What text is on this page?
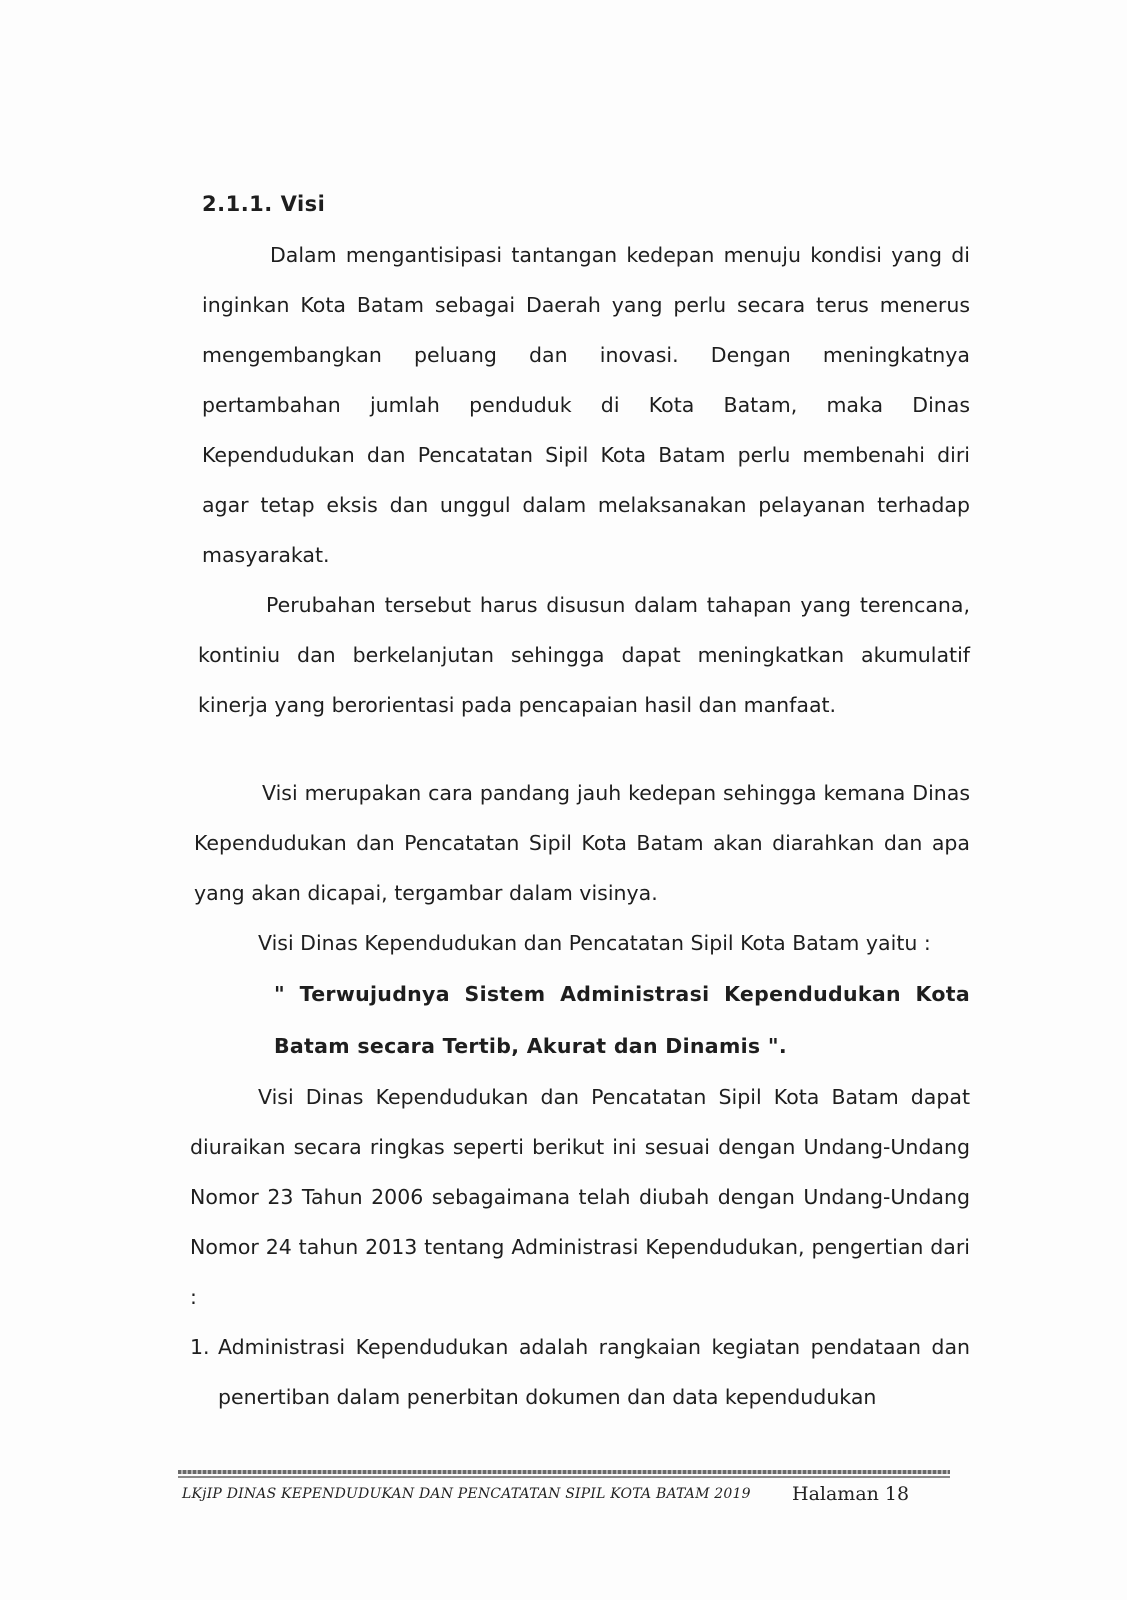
2.1.1. Visi

Dalam mengantisipasi tantangan kedepan menuju kondisi yang di inginkan Kota Batam sebagai Daerah yang perlu secara terus menerus mengembangkan peluang dan inovasi. Dengan meningkatnya pertambahan jumlah penduduk di Kota Batam, maka Dinas Kependudukan dan Pencatatan Sipil Kota Batam perlu membenahi diri agar tetap eksis dan unggul dalam melaksanakan pelayanan terhadap masyarakat.

Perubahan tersebut harus disusun dalam tahapan yang terencana, kontiniu dan berkelanjutan sehingga dapat meningkatkan akumulatif kinerja yang berorientasi pada pencapaian hasil dan manfaat.

Visi merupakan cara pandang jauh kedepan sehingga kemana Dinas Kependudukan dan Pencatatan Sipil Kota Batam akan diarahkan dan apa yang akan dicapai, tergambar dalam visinya.

Visi Dinas Kependudukan dan Pencatatan Sipil Kota Batam yaitu :

" Terwujudnya Sistem Administrasi Kependudukan Kota Batam secara Tertib, Akurat dan Dinamis ".

Visi Dinas Kependudukan dan Pencatatan Sipil Kota Batam dapat diuraikan secara ringkas seperti berikut ini sesuai dengan Undang-Undang Nomor 23 Tahun 2006 sebagaimana telah diubah dengan Undang-Undang Nomor 24 tahun 2013 tentang Administrasi Kependudukan, pengertian dari :

1. Administrasi Kependudukan adalah rangkaian kegiatan pendataan dan penertiban dalam penerbitan dokumen dan data kependudukan
LKjIP DINAS KEPENDUDUKAN DAN PENCATATAN SIPIL KOTA BATAM 2019 Halaman 18
